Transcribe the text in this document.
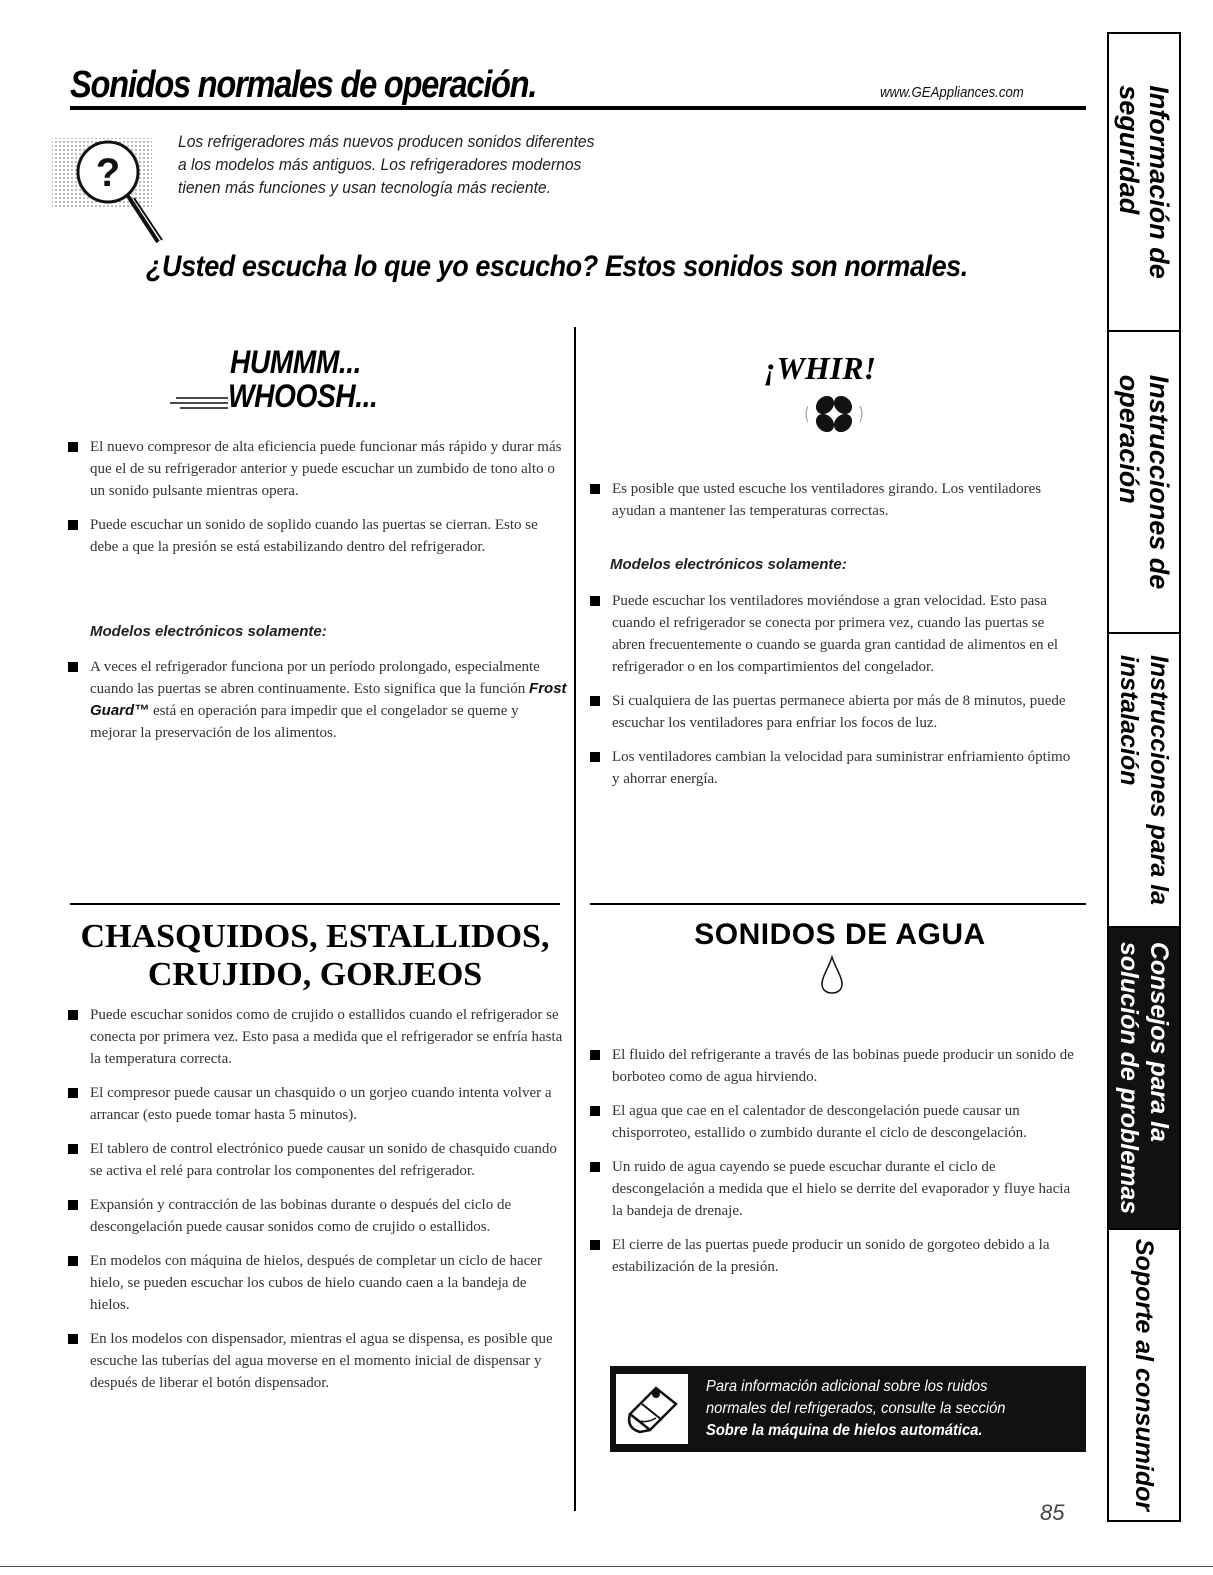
Sonidos normales de operación.	www.GEAppliances.com
?
Los refrigeradores más nuevos producen sonidos diferentes
a los modelos más antiguos. Los refrigeradores modernos
tienen más funciones y usan tecnología más reciente.
¿Usted escucha lo que yo escucho? Estos sonidos son normales.
HUMMM...
WHOOSH...
El nuevo compresor de alta eficiencia puede funcionar más rápido y durar más que el de su refrigerador anterior y puede escuchar un zumbido de tono alto o un sonido pulsante mientras opera.
Puede escuchar un sonido de soplido cuando las puertas se cierran. Esto se debe a que la presión se está estabilizando dentro del refrigerador.
Modelos electrónicos solamente:
A veces el refrigerador funciona por un período prolongado, especialmente cuando las puertas se abren continuamente. Esto significa que la función Frost Guard™ está en operación para impedir que el congelador se queme y mejorar la preservación de los alimentos.
¡WHIR!
Es posible que usted escuche los ventiladores girando. Los ventiladores ayudan a mantener las temperaturas correctas.
Modelos electrónicos solamente:
Puede escuchar los ventiladores moviéndose a gran velocidad. Esto pasa cuando el refrigerador se conecta por primera vez, cuando las puertas se abren frecuentemente o cuando se guarda gran cantidad de alimentos en el refrigerador o en los compartimientos del congelador.
Si cualquiera de las puertas permanece abierta por más de 8 minutos, puede escuchar los ventiladores para enfriar los focos de luz.
Los ventiladores cambian la velocidad para suministrar enfriamiento óptimo y ahorrar energía.
CHASQUIDOS, ESTALLIDOS,
CRUJIDO, GORJEOS
Puede escuchar sonidos como de crujido o estallidos cuando el refrigerador se conecta por primera vez. Esto pasa a medida que el refrigerador se enfría hasta la temperatura correcta.
El compresor puede causar un chasquido o un gorjeo cuando intenta volver a arrancar (esto puede tomar hasta 5 minutos).
El tablero de control electrónico puede causar un sonido de chasquido cuando se activa el relé para controlar los componentes del refrigerador.
Expansión y contracción de las bobinas durante o después del ciclo de descongelación puede causar sonidos como de crujido o estallidos.
En modelos con máquina de hielos, después de completar un ciclo de hacer hielo, se pueden escuchar los cubos de hielo cuando caen a la bandeja de hielos.
En los modelos con dispensador, mientras el agua se dispensa, es posible que escuche las tuberías del agua moverse en el momento inicial de dispensar y después de liberar el botón dispensador.
SONIDOS DE AGUA
El fluido del refrigerante a través de las bobinas puede producir un sonido de borboteo como de agua hirviendo.
El agua que cae en el calentador de descongelación puede causar un chisporroteo, estallido o zumbido durante el ciclo de descongelación.
Un ruido de agua cayendo se puede escuchar durante el ciclo de descongelación a medida que el hielo se derrite del evaporador y fluye hacia la bandeja de drenaje.
El cierre de las puertas puede producir un sonido de gorgoteo debido a la estabilización de la presión.
Para información adicional sobre los ruidos
normales del refrigerados, consulte la sección
Sobre la máquina de hielos automática.
85
Información de
seguridad
Instrucciones de
operación
Instrucciones para la
instalación
Consejos para la
solución de problemas
Soporte al consumidor
